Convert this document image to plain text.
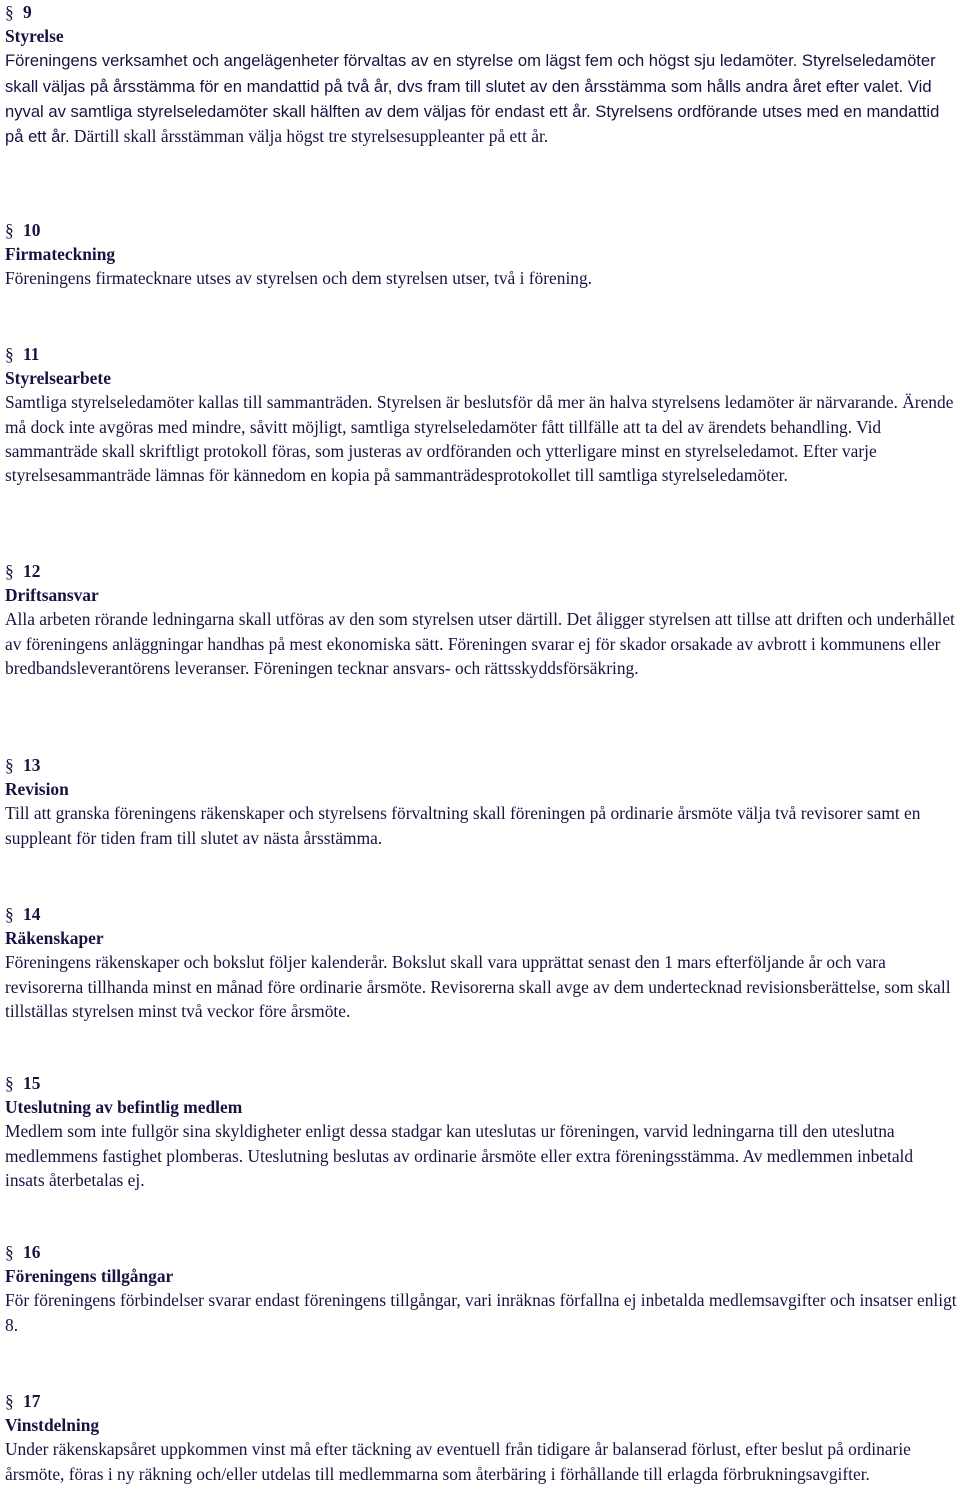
§ 9
Styrelse

Föreningens verksamhet och angelägenheter förvaltas av en styrelse om lägst fem och högst sju ledamöter. Styrelseledamöter skall väljas på årsstämma för en mandattid på två år, dvs fram till slutet av den årsstämma som hålls andra året efter valet. Vid nyval av samtliga styrelseledamöter skall hälften av dem väljas för endast ett år. Styrelsens ordförande utses med en mandattid på ett år. Därtill skall årsstämman välja högst tre styrelsesuppleanter på ett år.

§ 10
Firmateckning

Föreningens firmatecknare utses av styrelsen och dem styrelsen utser, två i förening.

§ 11
Styrelsearbete

Samtliga styrelseledamöter kallas till sammanträden. Styrelsen är beslutsför då mer än halva styrelsens ledamöter är närvarande. Ärende må dock inte avgöras med mindre, såvitt möjligt, samtliga styrelseledamöter fått tillfälle att ta del av ärendets behandling. Vid sammanträde skall skriftligt protokoll föras, som justeras av ordföranden och ytterligare minst en styrelseledamot. Efter varje styrelsesammanträde lämnas för kännedom en kopia på sammanträdesprotokollet till samtliga styrelseledamöter.

§ 12
Driftsansvar

Alla arbeten rörande ledningarna skall utföras av den som styrelsen utser därtill. Det åligger styrelsen att tillse att driften och underhållet av föreningens anläggningar handhas på mest ekonomiska sätt. Föreningen svarar ej för skador orsakade av avbrott i kommunens eller bredbandsleverantörens leveranser. Föreningen tecknar ansvars- och rättsskyddsförsäkring.

§ 13
Revision

Till att granska föreningens räkenskaper och styrelsens förvaltning skall föreningen på ordinarie årsmöte välja två revisorer samt en suppleant för tiden fram till slutet av nästa årsstämma.

§ 14
Räkenskaper

Föreningens räkenskaper och bokslut följer kalenderår. Bokslut skall vara upprättat senast den 1 mars efterföljande år och vara revisorerna tillhanda minst en månad före ordinarie årsmöte. Revisorerna skall avge av dem undertecknad revisionsberättelse, som skall tillställas styrelsen minst två veckor före årsmöte.

§ 15
Uteslutning av befintlig medlem

Medlem som inte fullgör sina skyldigheter enligt dessa stadgar kan uteslutas ur föreningen, varvid ledningarna till den uteslutna medlemmens fastighet plomberas. Uteslutning beslutas av ordinarie årsmöte eller extra föreningsstämma. Av medlemmen inbetald insats återbetalas ej.

§ 16
Föreningens tillgångar

För föreningens förbindelser svarar endast föreningens tillgångar, vari inräknas förfallna ej inbetalda medlemsavgifter och insatser enligt 8.

§ 17
Vinstdelning

Under räkenskapsåret uppkommen vinst må efter täckning av eventuell från tidigare år balanserad förlust, efter beslut på ordinarie årsmöte, föras i ny räkning och/eller utdelas till medlemmarna som återbäring i förhållande till erlagda förbrukningsavgifter.
